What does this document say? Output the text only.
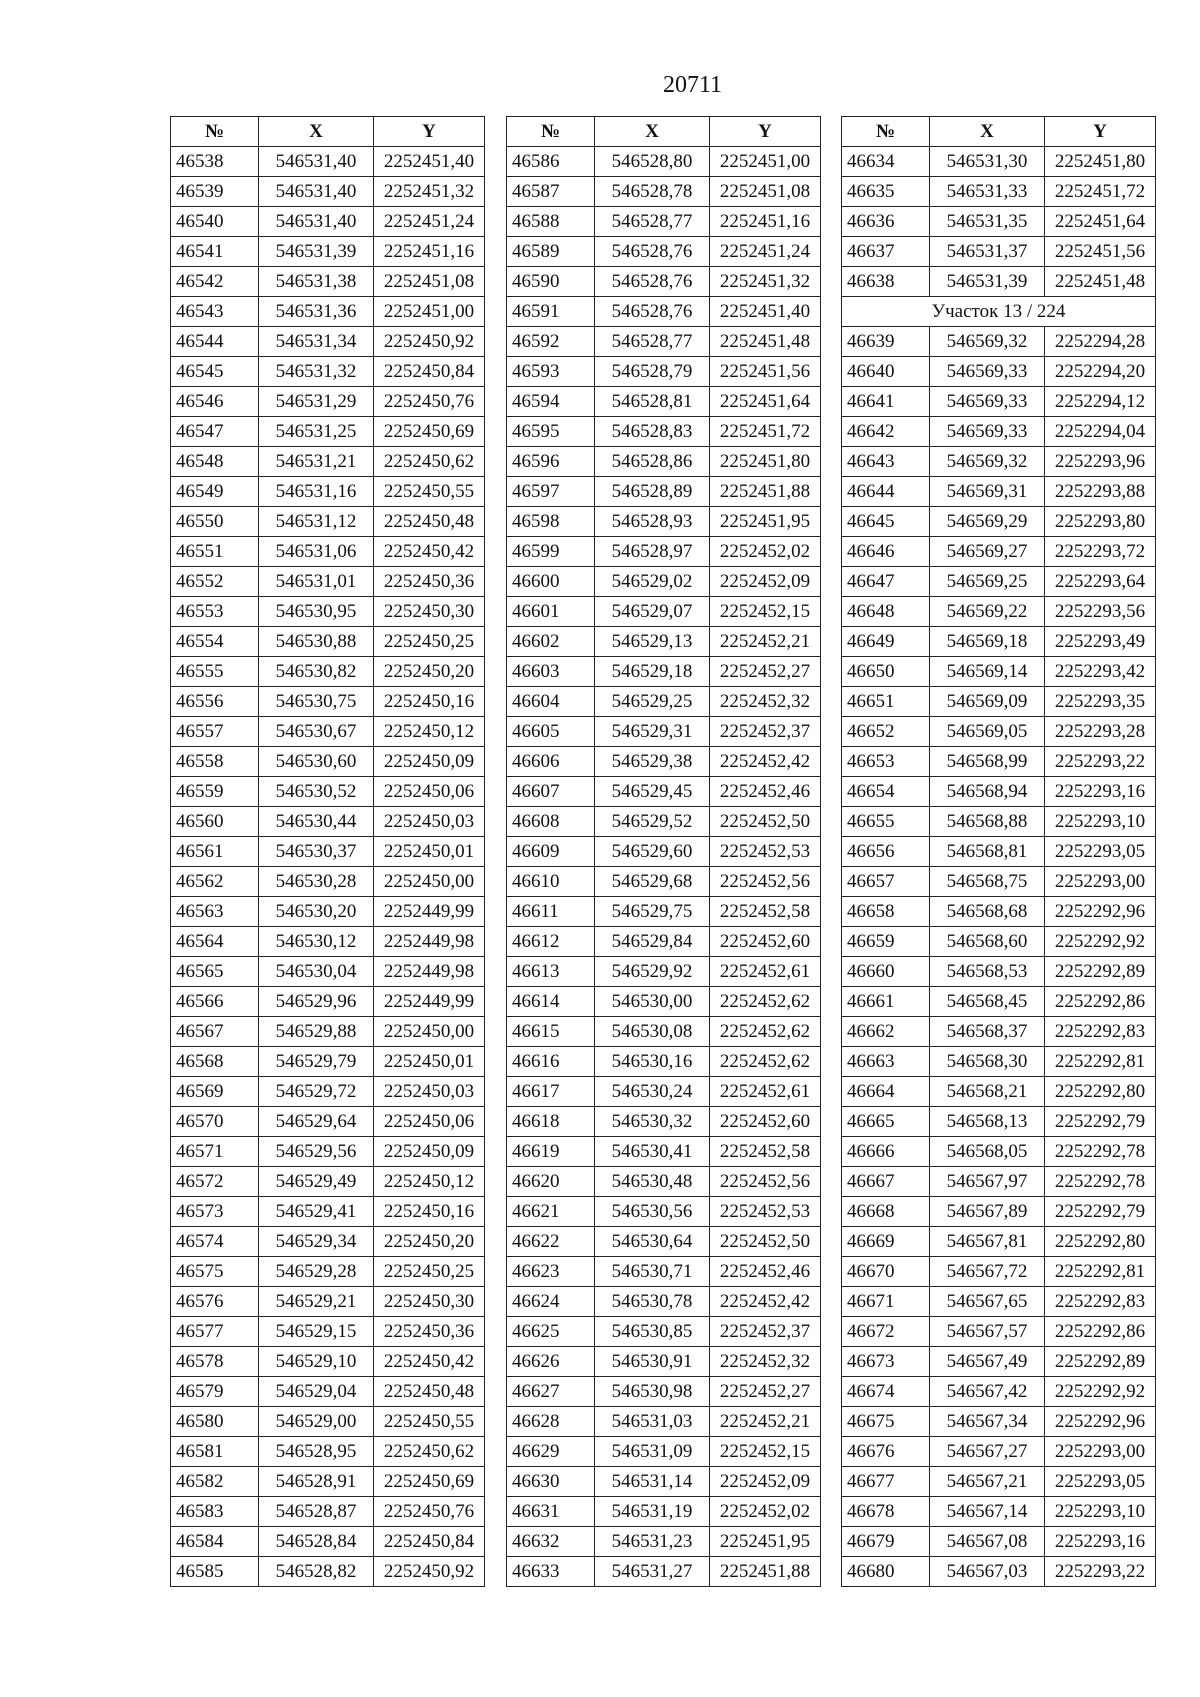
20711
№	X	Y
46538	546531,40	2252451,40
46539	546531,40	2252451,32
46540	546531,40	2252451,24
46541	546531,39	2252451,16
46542	546531,38	2252451,08
46543	546531,36	2252451,00
46544	546531,34	2252450,92
46545	546531,32	2252450,84
46546	546531,29	2252450,76
46547	546531,25	2252450,69
46548	546531,21	2252450,62
46549	546531,16	2252450,55
46550	546531,12	2252450,48
46551	546531,06	2252450,42
46552	546531,01	2252450,36
46553	546530,95	2252450,30
46554	546530,88	2252450,25
46555	546530,82	2252450,20
46556	546530,75	2252450,16
46557	546530,67	2252450,12
46558	546530,60	2252450,09
46559	546530,52	2252450,06
46560	546530,44	2252450,03
46561	546530,37	2252450,01
46562	546530,28	2252450,00
46563	546530,20	2252449,99
46564	546530,12	2252449,98
46565	546530,04	2252449,98
46566	546529,96	2252449,99
46567	546529,88	2252450,00
46568	546529,79	2252450,01
46569	546529,72	2252450,03
46570	546529,64	2252450,06
46571	546529,56	2252450,09
46572	546529,49	2252450,12
46573	546529,41	2252450,16
46574	546529,34	2252450,20
46575	546529,28	2252450,25
46576	546529,21	2252450,30
46577	546529,15	2252450,36
46578	546529,10	2252450,42
46579	546529,04	2252450,48
46580	546529,00	2252450,55
46581	546528,95	2252450,62
46582	546528,91	2252450,69
46583	546528,87	2252450,76
46584	546528,84	2252450,84
46585	546528,82	2252450,92
№	X	Y
46586	546528,80	2252451,00
46587	546528,78	2252451,08
46588	546528,77	2252451,16
46589	546528,76	2252451,24
46590	546528,76	2252451,32
46591	546528,76	2252451,40
46592	546528,77	2252451,48
46593	546528,79	2252451,56
46594	546528,81	2252451,64
46595	546528,83	2252451,72
46596	546528,86	2252451,80
46597	546528,89	2252451,88
46598	546528,93	2252451,95
46599	546528,97	2252452,02
46600	546529,02	2252452,09
46601	546529,07	2252452,15
46602	546529,13	2252452,21
46603	546529,18	2252452,27
46604	546529,25	2252452,32
46605	546529,31	2252452,37
46606	546529,38	2252452,42
46607	546529,45	2252452,46
46608	546529,52	2252452,50
46609	546529,60	2252452,53
46610	546529,68	2252452,56
46611	546529,75	2252452,58
46612	546529,84	2252452,60
46613	546529,92	2252452,61
46614	546530,00	2252452,62
46615	546530,08	2252452,62
46616	546530,16	2252452,62
46617	546530,24	2252452,61
46618	546530,32	2252452,60
46619	546530,41	2252452,58
46620	546530,48	2252452,56
46621	546530,56	2252452,53
46622	546530,64	2252452,50
46623	546530,71	2252452,46
46624	546530,78	2252452,42
46625	546530,85	2252452,37
46626	546530,91	2252452,32
46627	546530,98	2252452,27
46628	546531,03	2252452,21
46629	546531,09	2252452,15
46630	546531,14	2252452,09
46631	546531,19	2252452,02
46632	546531,23	2252451,95
46633	546531,27	2252451,88
№	X	Y
46634	546531,30	2252451,80
46635	546531,33	2252451,72
46636	546531,35	2252451,64
46637	546531,37	2252451,56
46638	546531,39	2252451,48
Участок 13 / 224		
46639	546569,32	2252294,28
46640	546569,33	2252294,20
46641	546569,33	2252294,12
46642	546569,33	2252294,04
46643	546569,32	2252293,96
46644	546569,31	2252293,88
46645	546569,29	2252293,80
46646	546569,27	2252293,72
46647	546569,25	2252293,64
46648	546569,22	2252293,56
46649	546569,18	2252293,49
46650	546569,14	2252293,42
46651	546569,09	2252293,35
46652	546569,05	2252293,28
46653	546568,99	2252293,22
46654	546568,94	2252293,16
46655	546568,88	2252293,10
46656	546568,81	2252293,05
46657	546568,75	2252293,00
46658	546568,68	2252292,96
46659	546568,60	2252292,92
46660	546568,53	2252292,89
46661	546568,45	2252292,86
46662	546568,37	2252292,83
46663	546568,30	2252292,81
46664	546568,21	2252292,80
46665	546568,13	2252292,79
46666	546568,05	2252292,78
46667	546567,97	2252292,78
46668	546567,89	2252292,79
46669	546567,81	2252292,80
46670	546567,72	2252292,81
46671	546567,65	2252292,83
46672	546567,57	2252292,86
46673	546567,49	2252292,89
46674	546567,42	2252292,92
46675	546567,34	2252292,96
46676	546567,27	2252293,00
46677	546567,21	2252293,05
46678	546567,14	2252293,10
46679	546567,08	2252293,16
46680	546567,03	2252293,22
